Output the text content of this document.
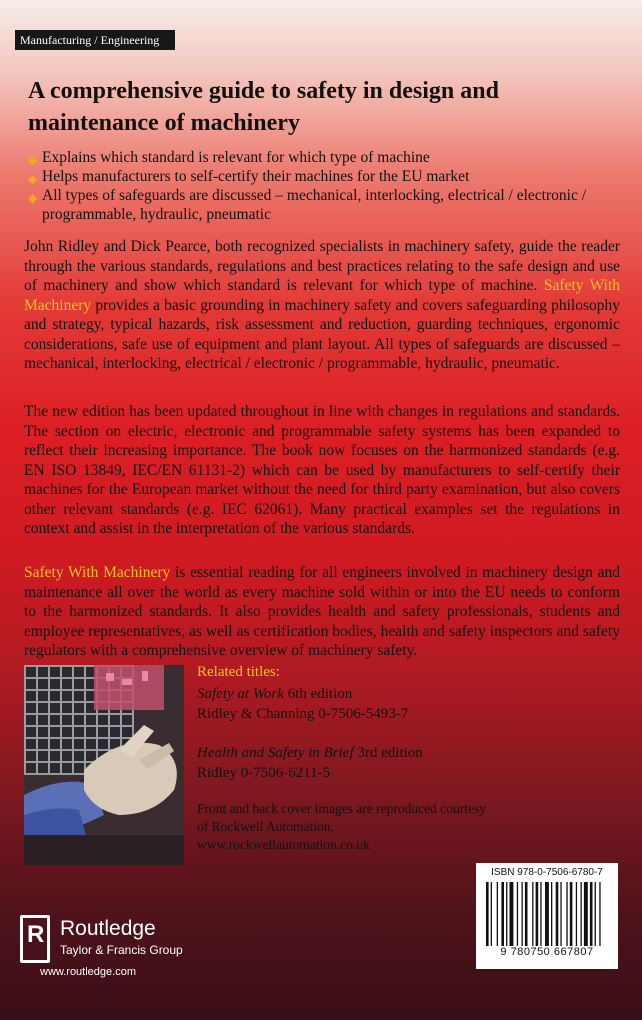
Manufacturing / Engineering
A comprehensive guide to safety in design and maintenance of machinery
◆ Explains which standard is relevant for which type of machine
◆ Helps manufacturers to self-certify their machines for the EU market
◆ All types of safeguards are discussed – mechanical, interlocking, electrical / electronic / programmable, hydraulic, pneumatic

John Ridley and Dick Pearce, both recognized specialists in machinery safety, guide the reader through the various standards, regulations and best practices relating to the safe design and use of machinery and show which standard is relevant for which type of machine. Safety With Machinery provides a basic grounding in machinery safety and covers safeguarding philosophy and strategy, typical hazards, risk assessment and reduction, guarding techniques, ergonomic considerations, safe use of equipment and plant layout. All types of safeguards are discussed – mechanical, interlocking, electrical / electronic / programmable, hydraulic, pneumatic.

The new edition has been updated throughout in line with changes in regulations and standards. The section on electric, electronic and programmable safety systems has been expanded to reflect their increasing importance. The book now focuses on the harmonized standards (e.g. EN ISO 13849, IEC/EN 61131-2) which can be used by manufacturers to self-certify their machines for the European market without the need for third party examination, but also covers other relevant standards (e.g. IEC 62061). Many practical examples set the regulations in context and assist in the interpretation of the various standards.

Safety With Machinery is essential reading for all engineers involved in machinery design and maintenance all over the world as every machine sold within or into the EU needs to conform to the harmonized standards. It also provides health and safety professionals, students and employee representatives, as well as certification bodies, health and safety inspectors and safety regulators with a comprehensive overview of machinery safety.

Related titles:
Safety at Work 6th edition
Ridley & Channing 0-7506-5493-7
Health and Safety in Brief 3rd edition
Ridley 0-7506-6211-5
Front and back cover images are reproduced courtesy of Rockwell Automation, www.rockwellautomation.co.uk
R Routledge
Taylor & Francis Group
www.routledge.com
ISBN 978-0-7506-6780-7
9 780750 667807
